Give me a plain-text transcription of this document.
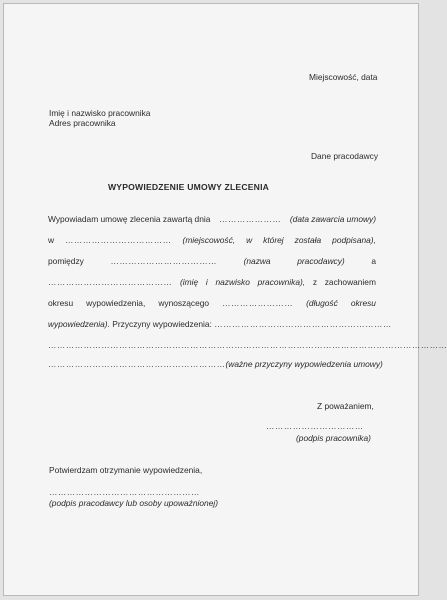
Miejscowość, data
Imię i nazwisko pracownika
Adres pracownika
Dane pracodawcy
WYPOWIEDZENIE UMOWY ZLECENIA
Wypowiadam umowę zlecenia zawartą dnia ………………… (data zawarcia umowy)
w ……………………………… (miejscowość, w której została podpisana),
pomiędzy	………………………………	(nazwa	pracodawcy)	a
…………………………………… (imię i nazwisko pracownika), z zachowaniem
okresu wypowiedzenia, wynoszącego …………………… (długość okresu
wypowiedzenia). Przyczyny wypowiedzenia: ……………………………………………………
………………………………………………………………………………………………………………………
…………………………………………………… (ważne przyczyny wypowiedzenia umowy)
Z poważaniem,
……………………………
(podpis pracownika)
Potwierdzam otrzymanie wypowiedzenia,
……………………………………………
(podpis pracodawcy lub osoby upoważnionej)
